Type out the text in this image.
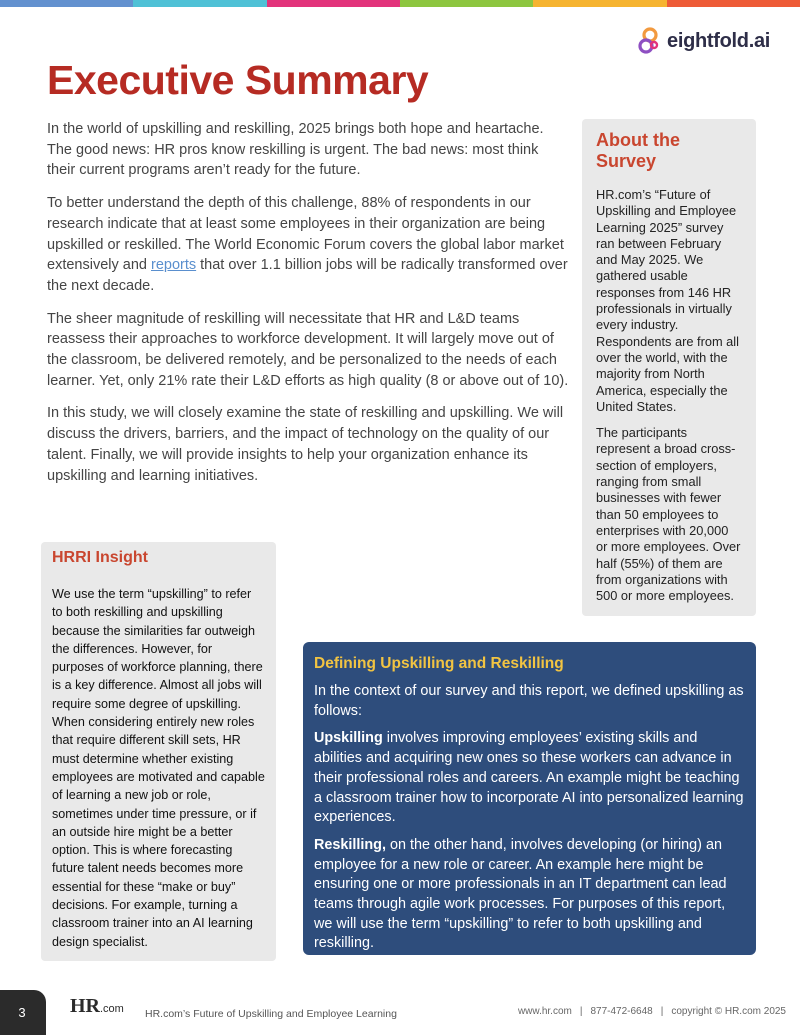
eightfold.ai
Executive Summary

In the world of upskilling and reskilling, 2025 brings both hope and heartache. The good news: HR pros know reskilling is urgent. The bad news: most think their current programs aren’t ready for the future.

To better understand the depth of this challenge, 88% of respondents in our research indicate that at least some employees in their organization are being upskilled or reskilled. The World Economic Forum covers the global labor market extensively and reports that over 1.1 billion jobs will be radically transformed over the next decade.

The sheer magnitude of reskilling will necessitate that HR and L&D teams reassess their approaches to workforce development. It will largely move out of the classroom, be delivered remotely, and be personalized to the needs of each learner. Yet, only 21% rate their L&D efforts as high quality (8 or above out of 10).

In this study, we will closely examine the state of reskilling and upskilling. We will discuss the drivers, barriers, and the impact of technology on the quality of our talent. Finally, we will provide insights to help your organization enhance its upskilling and learning initiatives.

About the Survey

HR.com’s “Future of Upskilling and Employee Learning 2025” survey ran between February and May 2025. We gathered usable responses from 146 HR professionals in virtually every industry. Respondents are from all over the world, with the majority from North America, especially the United States.

The participants represent a broad cross-section of employers, ranging from small businesses with fewer than 50 employees to enterprises with 20,000 or more employees. Over half (55%) of them are from organizations with 500 or more employees.

HRRI Insight

We use the term “upskilling” to refer to both reskilling and upskilling because the similarities far outweigh the differences. However, for purposes of workforce planning, there is a key difference. Almost all jobs will require some degree of upskilling. When considering entirely new roles that require different skill sets, HR must determine whether existing employees are motivated and capable of learning a new job or role, sometimes under time pressure, or if an outside hire might be a better option. This is where forecasting future talent needs becomes more essential for these “make or buy” decisions. For example, turning a classroom trainer into an AI learning design specialist.

Defining Upskilling and Reskilling

In the context of our survey and this report, we defined upskilling as follows:

Upskilling involves improving employees’ existing skills and abilities and acquiring new ones so these workers can advance in their professional roles and careers. An example might be teaching a classroom trainer how to incorporate AI into personalized learning experiences.

Reskilling, on the other hand, involves developing (or hiring) an employee for a new role or career. An example here might be ensuring one or more professionals in an IT department can lead teams through agile work processes. For purposes of this report, we will use the term “upskilling” to refer to both upskilling and reskilling.

3	HR.com HR.com’s Future of Upskilling and Employee Learning	www.hr.com | 877-472-6648 | copyright © HR.com 2025
